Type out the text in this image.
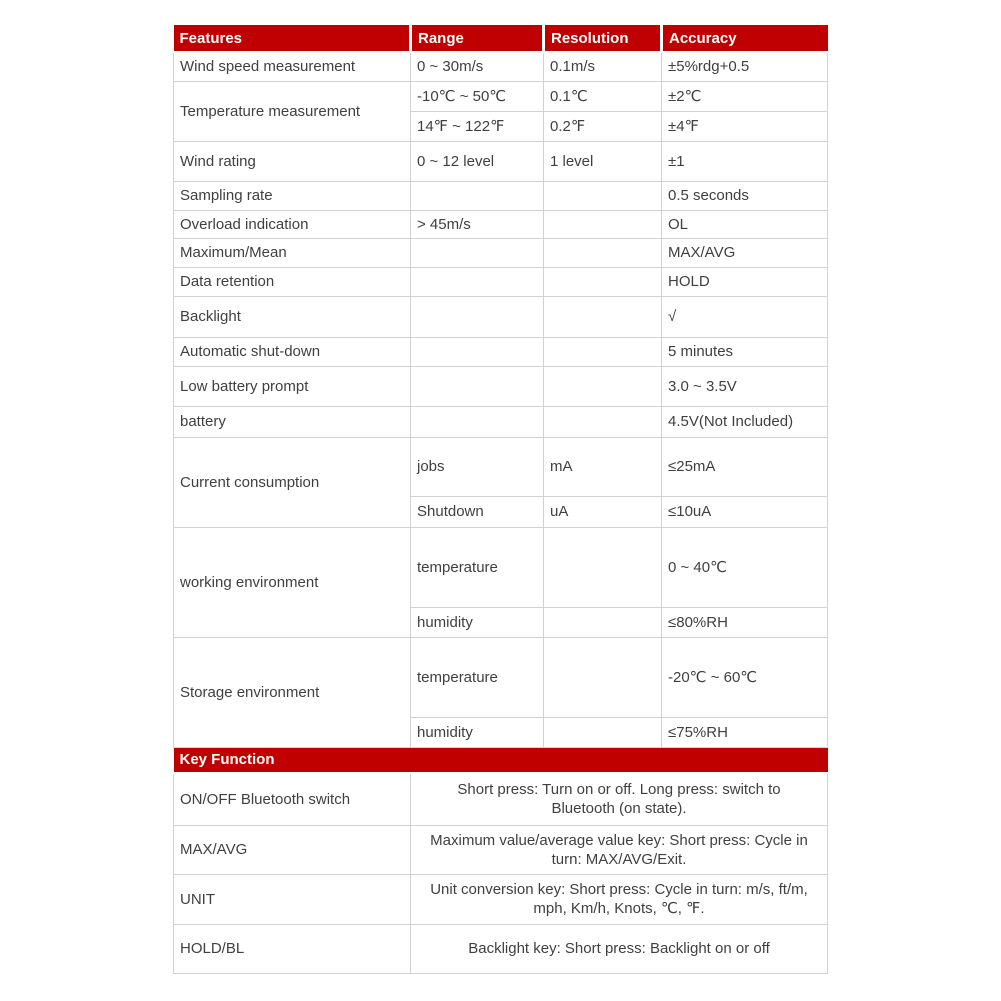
Features	Range	Resolution	Accuracy
Wind speed measurement	0 ~ 30m/s	0.1m/s	±5%rdg+0.5
Temperature measurement	-10℃ ~ 50℃	0.1℃	±2℃
	14℉ ~ 122℉	0.2℉	±4℉
Wind rating	0 ~ 12 level	1 level	±1
Sampling rate			0.5 seconds
Overload indication	> 45m/s		OL
Maximum/Mean			MAX/AVG
Data retention			HOLD
Backlight			√
Automatic shut-down			5 minutes
Low battery prompt			3.0 ~ 3.5V
battery			4.5V(Not Included)
Current consumption	jobs	mA	≤25mA
	Shutdown	uA	≤10uA
working environment	temperature		0 ~ 40℃
	humidity		≤80%RH
Storage environment	temperature		-20℃ ~ 60℃
	humidity		≤75%RH
Key Function			
ON/OFF Bluetooth switch	Short press: Turn on or off. Long press: switch to Bluetooth (on state).		
MAX/AVG	Maximum value/average value key: Short press: Cycle in turn: MAX/AVG/Exit.		
UNIT	Unit conversion key: Short press: Cycle in turn: m/s, ft/m, mph, Km/h, Knots, ℃, ℉.		
HOLD/BL	Backlight key: Short press: Backlight on or off		
